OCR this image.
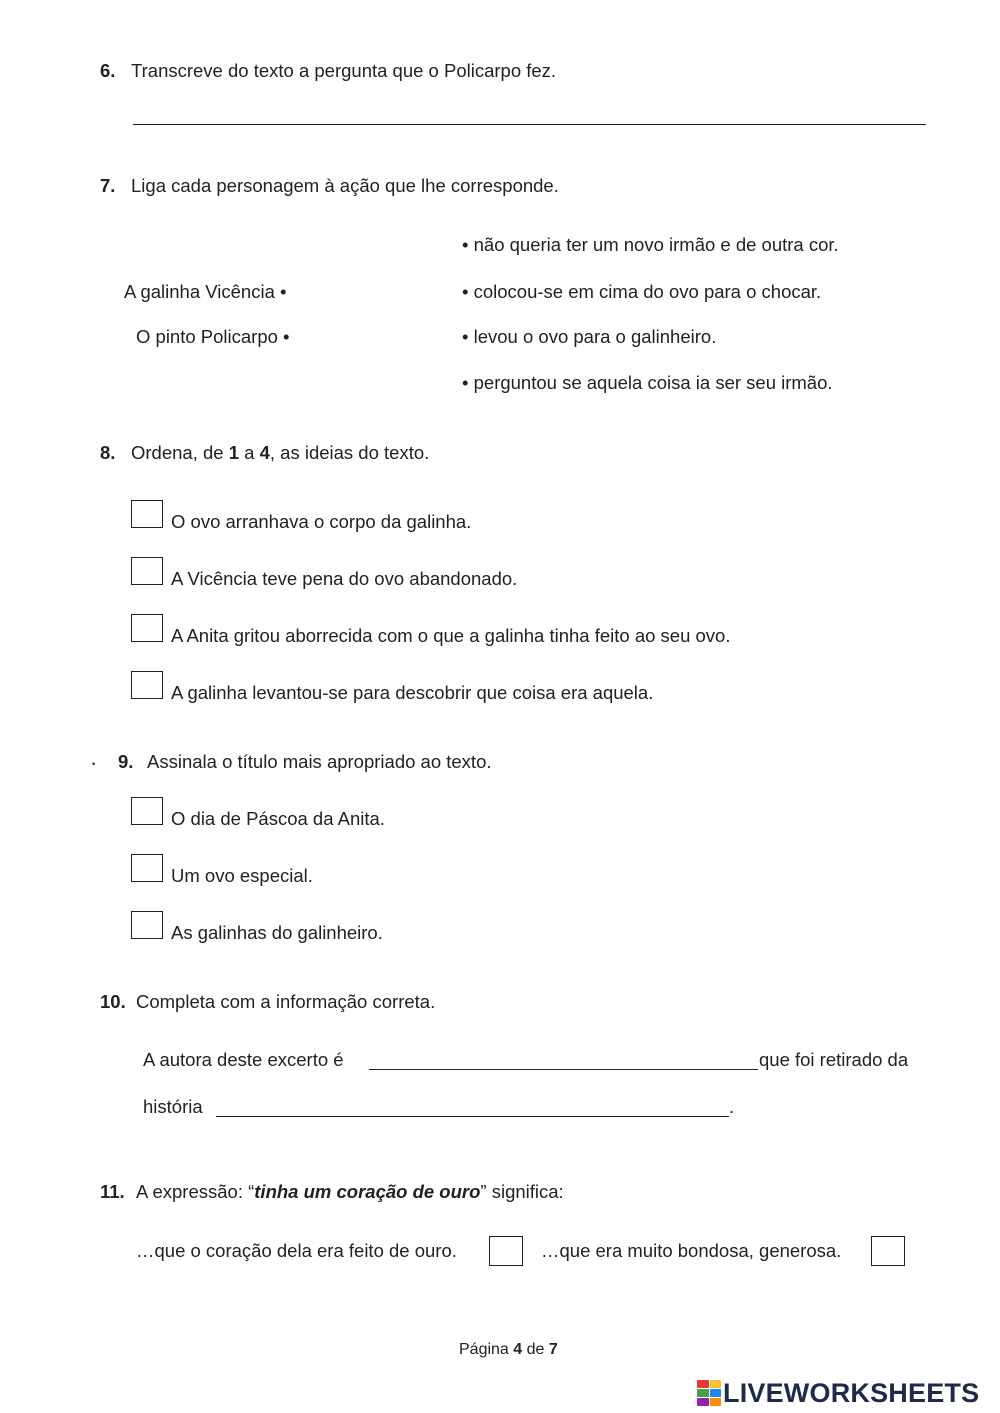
6. Transcreve do texto a pergunta que o Policarpo fez.
7. Liga cada personagem à ação que lhe corresponde.
A galinha Vicência •
O pinto Policarpo •
• não queria ter um novo irmão e de outra cor.
• colocou-se em cima do ovo para o chocar.
• levou o ovo para o galinheiro.
• perguntou se aquela coisa ia ser seu irmão.
8. Ordena, de 1 a 4, as ideias do texto.
O ovo arranhava o corpo da galinha.
A Vicência teve pena do ovo abandonado.
A Anita gritou aborrecida com o que a galinha tinha feito ao seu ovo.
A galinha levantou-se para descobrir que coisa era aquela.
• 9. Assinala o título mais apropriado ao texto.
O dia de Páscoa da Anita.
Um ovo especial.
As galinhas do galinheiro.
10. Completa com a informação correta.
A autora deste excerto é	que foi retirado da
história	.
11. A expressão: “tinha um coração de ouro” significa:
…que o coração dela era feito de ouro.	…que era muito bondosa, generosa.
Página 4 de 7
LIVEWORKSHEETS
